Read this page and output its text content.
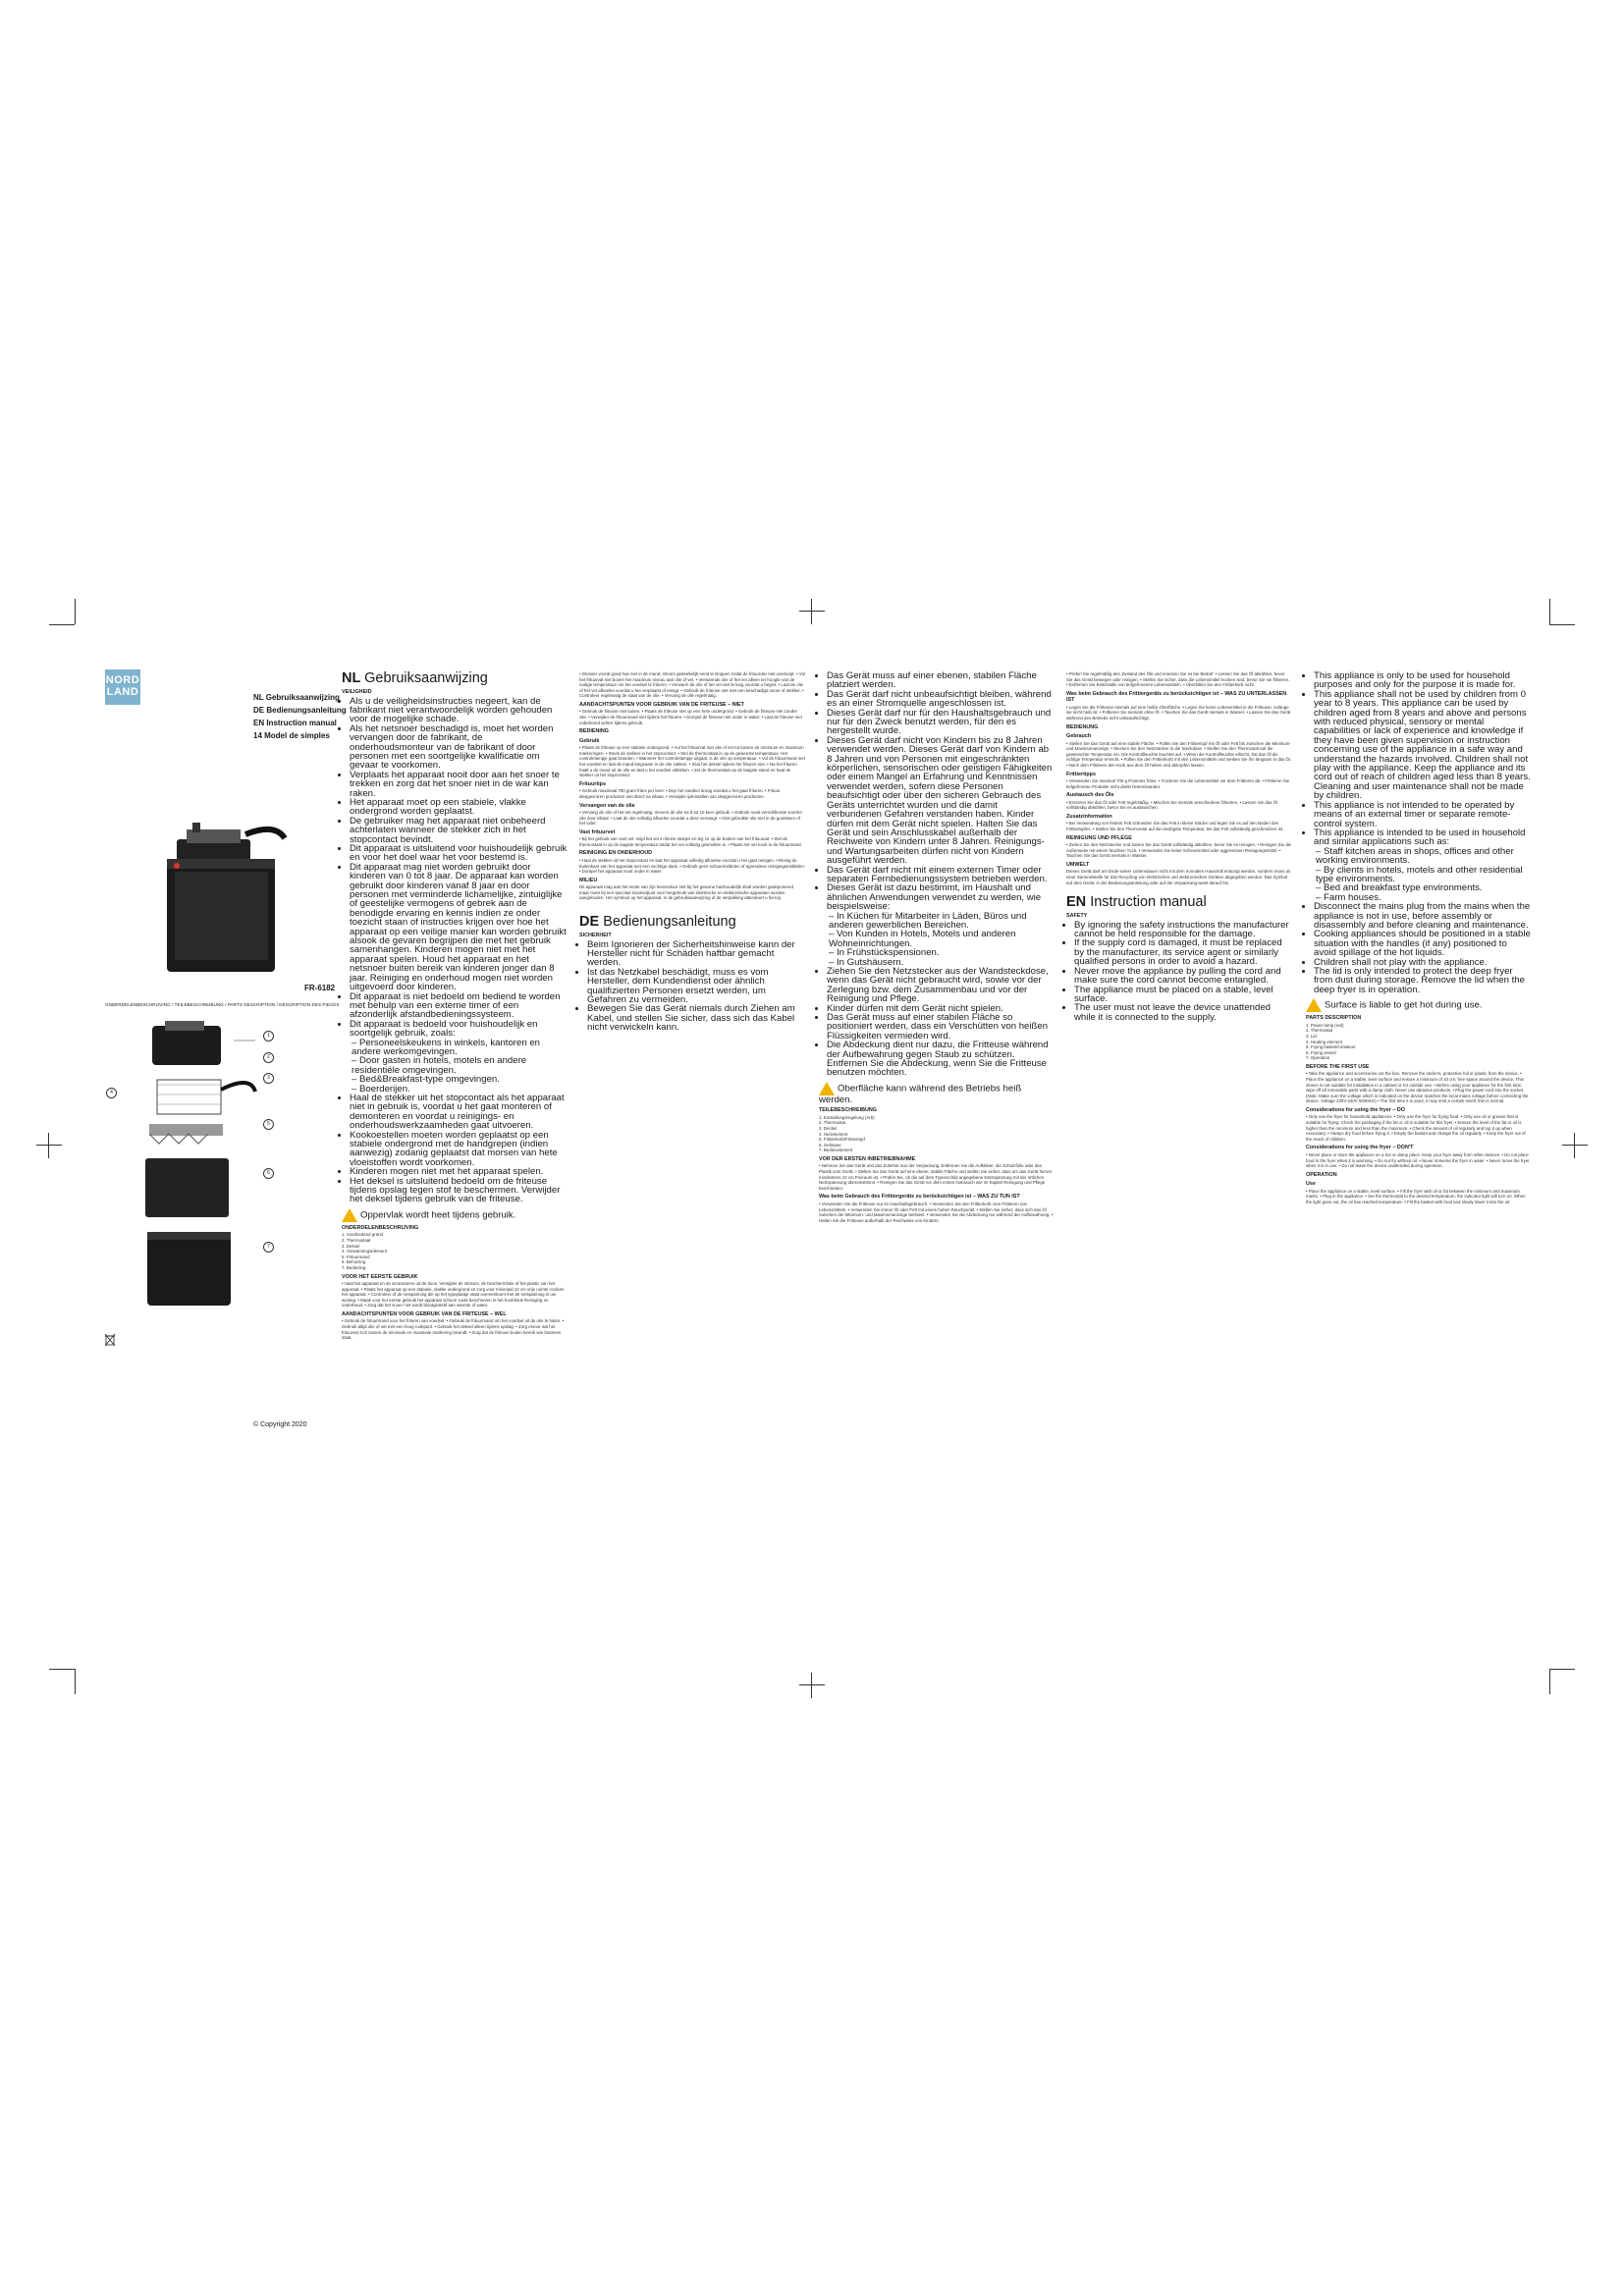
NORD
LAND	NL Gebruiksaanwijzing
DE Bedienungsanleitung
EN Instruction manual
14 Model de simples
FR-6182
ONDERDELENBESCHRIJVING / TEILEBESCHREIBUNG / PARTS DESCRIPTION / DESCRIPTION DES PIECES
1
2
3
4
5
6
7
© Copyright 2020
NL Gebruiksaanwijzing
VEILIGHEID
• Als u de veiligheidsinstructies negeert, kan de fabrikant niet verantwoordelijk worden gehouden voor de mogelijke schade.
• Als het netsnoer beschadigd is, moet het worden vervangen door de fabrikant, de onderhoudsmonteur van de fabrikant of door personen met een soortgelijke kwalificatie om gevaar te voorkomen.
• Verplaats het apparaat nooit door aan het snoer te trekken en zorg dat het snoer niet in de war kan raken.
• Het apparaat moet op een stabiele, vlakke ondergrond worden geplaatst.
• De gebruiker mag het apparaat niet onbeheerd achterlaten wanneer de stekker zich in het stopcontact bevindt.
• Dit apparaat is uitsluitend voor huishoudelijk gebruik en voor het doel waar het voor bestemd is.
• Dit apparaat mag niet worden gebruikt door kinderen van 0 tot 8 jaar. De apparaat kan worden gebruikt door kinderen vanaf 8 jaar en door personen met verminderde lichamelijke, zintuiglijke of geestelijke vermogens of gebrek aan de benodigde ervaring en kennis indien ze onder toezicht staan of instructies krijgen over hoe het apparaat op een veilige manier kan worden gebruikt alsook de gevaren begrijpen die met het gebruik samenhangen. Kinderen mogen niet met het apparaat spelen. Houd het apparaat en het netsnoer buiten bereik van kinderen jonger dan 8 jaar. Reiniging en onderhoud mogen niet worden uitgevoerd door kinderen.
• Dit apparaat is niet bedoeld om bediend te worden met behulp van een externe timer of een afzonderlijk afstandbedieningssysteem.
• Dit apparaat is bedoeld voor huishoudelijk en soortgelijk gebruik, zoals:
– Personeelskeukens in winkels, kantoren en andere werkomgevingen.
– Door gasten in hotels, motels en andere residentiële omgevingen.
– Bed&Breakfast-type omgevingen.
– Boerderijen.
• Haal de stekker uit het stopcontact als het apparaat niet in gebruik is, voordat u het gaat monteren of demonteren en voordat u reinigings- en onderhoudswerkzaamheden gaat uitvoeren.
• Kookoestellen moeten worden geplaatst op een stabiele ondergrond met de handgrepen (indien aanwezig) zodanig geplaatst dat morsen van hete vloeistoffen wordt voorkomen.
• Kinderen mogen niet met het apparaat spelen.
• Het deksel is uitsluitend bedoeld om de friteuse tijdens opslag tegen stof te beschermen. Verwijder het deksel tijdens gebruik van de friteuse.
Oppervlak wordt heet tijdens gebruik.
ONDERDELENBESCHRIJVING
1. Voorbiedend grand
2. Thermostaat
3. Deksel
4. Verwarmingselement
5. Frituurmand
6. Behuizing
7. Bediening
VOOR HET EERSTE GEBRUIK

• Haal het apparaat en de accessoires uit de doos. Verwijder de stickers, de beschermfolie of het plastic van het apparaat. • Plaats het apparaat op een stabiele, vlakke ondergrond en zorg voor minimaal 10 cm vrije ruimte rondom het apparaat. • Controleer of de netspanning die op het typeplaatje staat overeenkomt met de netspanning in uw woning. • Maak voor het eerste gebruik het apparaat schoon zoals beschreven in het hoofdstuk Reiniging en onderhoud. • Zorg dat het snoer niet wordt blootgesteld aan warmte of water.

AANDACHTSPUNTEN VOOR GEBRUIK VAN DE FRITEUSE – WEL

• Gebruik de frituurmand voor het frituren van voedsel. • Gebruik de frituurmand om het voedsel uit de olie te halen. • Gebruik altijd olie of vet met een hoog rookpunt. • Gebruik het deksel alleen tijdens opslag. • Zorg ervoor dat het frituurvet zich tussen de minimale en maximale markering bevindt. • Zorg dat de friteuse buiten bereik van kinderen staat.

• Dresser vooral goed hoe niet in de mand, stroom gedeeltelijk eerst te kloppen zodat de frituurolie niet overloopt. • Vul het frituurvat niet boven het maximum niveau aan olie of vet. • Verwarmde olie of het vet alleen ter hoogte van de nodige temperatuur om het voedsel te frituren. • Verwarm de olie of het vet niet te lang voordat u begint. • Laat de olie of het vet afkoelen voordat u het verplaatst of reinigt. • Gebruik de friteuse niet met een beschadigd snoer of stekker. • Controleer regelmatig de staat van de olie. • Vervang de olie regelmatig.

AANDACHTSPUNTEN VOOR GEBRUIK VAN DE FRITEUSE – NIET

• Gebruik de friteuse niet buiten. • Plaats de friteuse niet op een hete ondergrond. • Gebruik de friteuse niet zonder olie. • Verwijder de frituurmand niet tijdens het frituren. • Dompel de friteuse niet onder in water. • Laat de friteuse niet onbeheerd achter tijdens gebruik.

BEDIENING
Gebruik

• Plaats de friteuse op een stabiele ondergrond. • Vul het frituurvat met olie of vet tot tussen de minimum en maximum markeringen. • Steek de stekker in het stopcontact. • Stel de thermostaat in op de gewenste temperatuur. Het controlelampje gaat branden. • Wanneer het controlelampje uitgaat, is de olie op temperatuur. • Vul de frituurmand met het voedsel en laat de mand langzaam in de olie zakken. • Sluit het deksel tijdens het frituren niet. • Na het frituren haalt u de mand uit de olie en laat u het voedsel uitlekken. • Zet de thermostaat op de laagste stand en haal de stekker uit het stopcontact.

Frituurtips

• Gebruik maximaal 700 gram frites per keer. • Dep het voedsel droog voordat u het gaat frituren. • Frituur diepgevroren producten niet direct na elkaar. • Verwijder ijskristallen van diepgevroren producten.

Vervangen van de olie

• Vervang de olie of het vet regelmatig. Ververs de olie na 8 tot 10 keer gebruik. • Gebruik nooit verschillende soorten olie door elkaar. • Laat de olie volledig afkoelen voordat u deze vervangt. • Giet gebruikte olie niet in de gootsteen of het toilet.

Vast frituurvet

• Bij het gebruik van vast vet: snijd het vet in kleine stukjes en leg ze op de bodem van het frituurvat. • Stel de thermostaat in op de laagste temperatuur totdat het vet volledig gesmolten is. • Plaats het vet nooit in de frituurmand.

REINIGING EN ONDERHOUD

• Haal de stekker uit het stopcontact en laat het apparaat volledig afkoelen voordat u het gaat reinigen. • Reinig de buitenkant van het apparaat met een vochtige doek. • Gebruik geen schuurmiddelen of agressieve reinigingsmiddelen. • Dompel het apparaat nooit onder in water.

MILIEU

Dit apparaat mag aan het einde van zijn levensduur niet bij het gewone huishoudelijk afval worden gedeponeerd, maar moet bij een speciaal inzamelpunt voor hergebruik van elektrische en elektronische apparaten worden aangeboden. Het symbool op het apparaat, in de gebruiksaanwijzing of de verpakking attendeert u hierop.

DE Bedienungsanleitung
SICHERHEIT
• Beim Ignorieren der Sicherheitshinweise kann der Hersteller nicht für Schäden haftbar gemacht werden.
• Ist das Netzkabel beschädigt, muss es vom Hersteller, dem Kundendienst oder ähnlich qualifizierten Personen ersetzt werden, um Gefahren zu vermeiden.
• Bewegen Sie das Gerät niemals durch Ziehen am Kabel, und stellen Sie sicher, dass sich das Kabel nicht verwickeln kann.
• Das Gerät muss auf einer ebenen, stabilen Fläche platziert werden.
• Das Gerät darf nicht unbeaufsichtigt bleiben, während es an einer Stromquelle angeschlossen ist.
• Dieses Gerät darf nur für den Haushaltsgebrauch und nur für den Zweck benutzt werden, für den es hergestellt wurde.
• Dieses Gerät darf nicht von Kindern bis zu 8 Jahren verwendet werden. Dieses Gerät darf von Kindern ab 8 Jahren und von Personen mit eingeschränkten körperlichen, sensorischen oder geistigen Fähigkeiten oder einem Mangel an Erfahrung und Kenntnissen verwendet werden, sofern diese Personen beaufsichtigt oder über den sicheren Gebrauch des Geräts unterrichtet wurden und die damit verbundenen Gefahren verstanden haben. Kinder dürfen mit dem Gerät nicht spielen. Halten Sie das Gerät und sein Anschlusskabel außerhalb der Reichweite von Kindern unter 8 Jahren. Reinigungs- und Wartungsarbeiten dürfen nicht von Kindern ausgeführt werden.
• Das Gerät darf nicht mit einem externen Timer oder separaten Fernbedienungssystem betrieben werden.
• Dieses Gerät ist dazu bestimmt, im Haushalt und ähnlichen Anwendungen verwendet zu werden, wie beispielsweise:
– In Küchen für Mitarbeiter in Läden, Büros und anderen gewerblichen Bereichen.
– Von Kunden in Hotels, Motels und anderen Wohneinrichtungen.
– In Frühstückspensionen.
– In Gutshäusern.
• Ziehen Sie den Netzstecker aus der Wandsteckdose, wenn das Gerät nicht gebraucht wird, sowie vor der Zerlegung bzw. dem Zusammenbau und vor der Reinigung und Pflege.
• Kinder dürfen mit dem Gerät nicht spielen.
• Das Gerät muss auf einer stabilen Fläche so positioniert werden, dass ein Verschütten von heißen Flüssigkeiten vermieden wird.
• Die Abdeckung dient nur dazu, die Fritteuse während der Aufbewahrung gegen Staub zu schützen. Entfernen Sie die Abdeckung, wenn Sie die Fritteuse benutzen möchten.
Oberfläche kann während des Betriebs heiß werden.
TEILEBESCHREIBUNG
1. Einstellungsregelung (Arb)
2. Thermostat
3. Deckel
4. Heizelement
5. Frittierkorb/Frittiertopf
6. Gehäuse
7. Bedienelement
VOR DER ERSTEN INBETRIEBNAHME

• Nehmen Sie das Gerät und das Zubehör aus der Verpackung. Entfernen Sie die Aufkleber, die Schutzfolie oder das Plastik vom Gerät. • Stellen Sie das Gerät auf eine ebene, stabile Fläche und stellen Sie sicher, dass um das Gerät herum mindestens 10 cm Freiraum ist. • Prüfen Sie, ob die auf dem Typenschild angegebene Netzspannung mit der örtlichen Netzspannung übereinstimmt. • Reinigen Sie das Gerät vor dem ersten Gebrauch wie im Kapitel Reinigung und Pflege beschrieben.

Was beim Gebrauch des Frittiergeräts zu berücksichtigen ist – WAS ZU TUN IST

• Verwenden Sie die Fritteuse nur im Haushaltsgebrauch. • Verwenden Sie den Frittierkorb zum Frittieren von Lebensmitteln. • Verwenden Sie immer Öl oder Fett mit einem hohen Rauchpunkt. • Stellen Sie sicher, dass sich das Öl zwischen der Minimum- und Maximumanzeige befindet. • Verwenden Sie die Abdeckung nur während der Aufbewahrung. • Halten Sie die Fritteuse außerhalb der Reichweite von Kindern.

• Prüfen Sie regelmäßig den Zustand des Öls und ersetzen Sie es bei Bedarf. • Lassen Sie das Öl abkühlen, bevor Sie das Gerät bewegen oder reinigen. • Stellen Sie sicher, dass die Lebensmittel trocken sind, bevor Sie sie frittieren. • Entfernen Sie Eiskristalle von tiefgefrorenen Lebensmitteln. • Überfüllen Sie den Frittierkorb nicht.

Was beim Gebrauch des Frittiergeräts zu berücksichtigen ist – WAS ZU UNTERLASSEN IST

• Legen Sie die Fritteuse niemals auf eine heiße Oberfläche. • Legen Sie keine Lebensmittel in die Fritteuse, solange sie nicht heiß ist. • Frittieren Sie niemals ohne Öl. • Tauchen Sie das Gerät niemals in Wasser. • Lassen Sie das Gerät während des Betriebs nicht unbeaufsichtigt.

BEDIENUNG
Gebrauch

• Stellen Sie das Gerät auf eine stabile Fläche. • Füllen Sie den Frittiertopf mit Öl oder Fett bis zwischen die Minimum- und Maximumanzeige. • Stecken Sie den Netzstecker in die Steckdose. • Stellen Sie den Thermostat auf die gewünschte Temperatur ein. Die Kontrollleuchte leuchtet auf. • Wenn die Kontrollleuchte erlischt, hat das Öl die richtige Temperatur erreicht. • Füllen Sie den Frittierkorb mit den Lebensmitteln und senken Sie ihn langsam in das Öl. • Nach dem Frittieren den Korb aus dem Öl heben und abtropfen lassen.

Frittiertipps

• Verwenden Sie maximal 700 g Pommes frites. • Trocknen Sie die Lebensmittel vor dem Frittieren ab. • Frittieren Sie tiefgefrorene Produkte nicht direkt hintereinander.

Austausch des Öls

• Ersetzen Sie das Öl oder Fett regelmäßig. • Mischen Sie niemals verschiedene Ölsorten. • Lassen Sie das Öl vollständig abkühlen, bevor Sie es austauschen.

Zusatzinformation

• Bei Verwendung von festem Fett schneiden Sie das Fett in kleine Stücke und legen Sie es auf den Boden des Frittiertopfes. • Stellen Sie den Thermostat auf die niedrigste Temperatur, bis das Fett vollständig geschmolzen ist.

REINIGUNG UND PFLEGE

• Ziehen Sie den Netzstecker und lassen Sie das Gerät vollständig abkühlen, bevor Sie es reinigen. • Reinigen Sie die Außenseite mit einem feuchten Tuch. • Verwenden Sie keine Scheuermittel oder aggressiven Reinigungsmittel. • Tauchen Sie das Gerät niemals in Wasser.

UMWELT

Dieses Gerät darf am Ende seiner Lebensdauer nicht mit dem normalen Hausmüll entsorgt werden, sondern muss an einer Sammelstelle für das Recycling von elektrischen und elektronischen Geräten abgegeben werden. Das Symbol auf dem Gerät, in der Bedienungsanleitung oder auf der Verpackung weist darauf hin.

EN Instruction manual
SAFETY
• By ignoring the safety instructions the manufacturer cannot be held responsible for the damage.
• If the supply cord is damaged, it must be replaced by the manufacturer, its service agent or similarly qualified persons in order to avoid a hazard.
• Never move the appliance by pulling the cord and make sure the cord cannot become entangled.
• The appliance must be placed on a stable, level surface.
• The user must not leave the device unattended while it is connected to the supply.
• This appliance is only to be used for household purposes and only for the purpose it is made for.
• This appliance shall not be used by children from 0 year to 8 years. This appliance can be used by children aged from 8 years and above and persons with reduced physical, sensory or mental capabilities or lack of experience and knowledge if they have been given supervision or instruction concerning use of the appliance in a safe way and understand the hazards involved. Children shall not play with the appliance. Keep the appliance and its cord out of reach of children aged less than 8 years. Cleaning and user maintenance shall not be made by children.
• This appliance is not intended to be operated by means of an external timer or separate remote-control system.
• This appliance is intended to be used in household and similar applications such as:
– Staff kitchen areas in shops, offices and other working environments.
– By clients in hotels, motels and other residential type environments.
– Bed and breakfast type environments.
– Farm houses.
• Disconnect the mains plug from the mains when the appliance is not in use, before assembly or disassembly and before cleaning and maintenance.
• Cooking appliances should be positioned in a stable situation with the handles (if any) positioned to avoid spillage of the hot liquids.
• Children shall not play with the appliance.
• The lid is only intended to protect the deep fryer from dust during storage. Remove the lid when the deep fryer is in operation.
Surface is liable to get hot during use.
PARTS DESCRIPTION
1. Power lamp (red)
2. Thermostat
3. Lid
4. Heating element
5. Frying basket/container
6. Frying vessel
7. Operation
BEFORE THE FIRST USE

• Take the appliance and accessories out the box. Remove the stickers, protective foil or plastic from the device. • Place the appliance on a stable, level surface and ensure a minimum of 10 cm. free space around the device. This device is not suitable for installation in a cabinet or for outside use. • Before using your appliance for the first time, wipe off all removable parts with a damp cloth. Never use abrasive products. • Plug the power cord into the socket. (Note: Make sure the voltage which is indicated on the device matches the local mains voltage before connecting the device. Voltage 220V-240V 50/60Hz) • The first time it is used, it may emit a certain smell; this is normal.

Considerations for using the fryer – DO

• Only use the fryer for household appliances. • Only use the fryer for frying food. • Only use oil or grease that is suitable for frying. Check the packaging if the fat or oil is suitable for this fryer. • Ensure the level of the fat or oil is higher than the minimum and less than the maximum. • Check the amount of oil regularly and top it up when necessary. • Always dry food before frying it. • Empty the basket and change the oil regularly. • Keep the fryer out of the reach of children.

Considerations for using the fryer – DON'T

• Never place or store the appliance on a hot or damp place. Keep your fryer away from other devices. • Do not place food in the fryer when it is warming. • Do not fry without oil. • Never immerse the fryer in water. • Never move the fryer when it is in use. • Do not leave the device unattended during operation.

OPERATION
Use

• Place the appliance on a stable, level surface. • Fill the fryer with oil or fat between the minimum and maximum marks. • Plug in the appliance. • Set the thermostat to the desired temperature; the indicator light will turn on. When the light goes out, the oil has reached temperature. • Fill the basket with food and slowly lower it into the oil.
